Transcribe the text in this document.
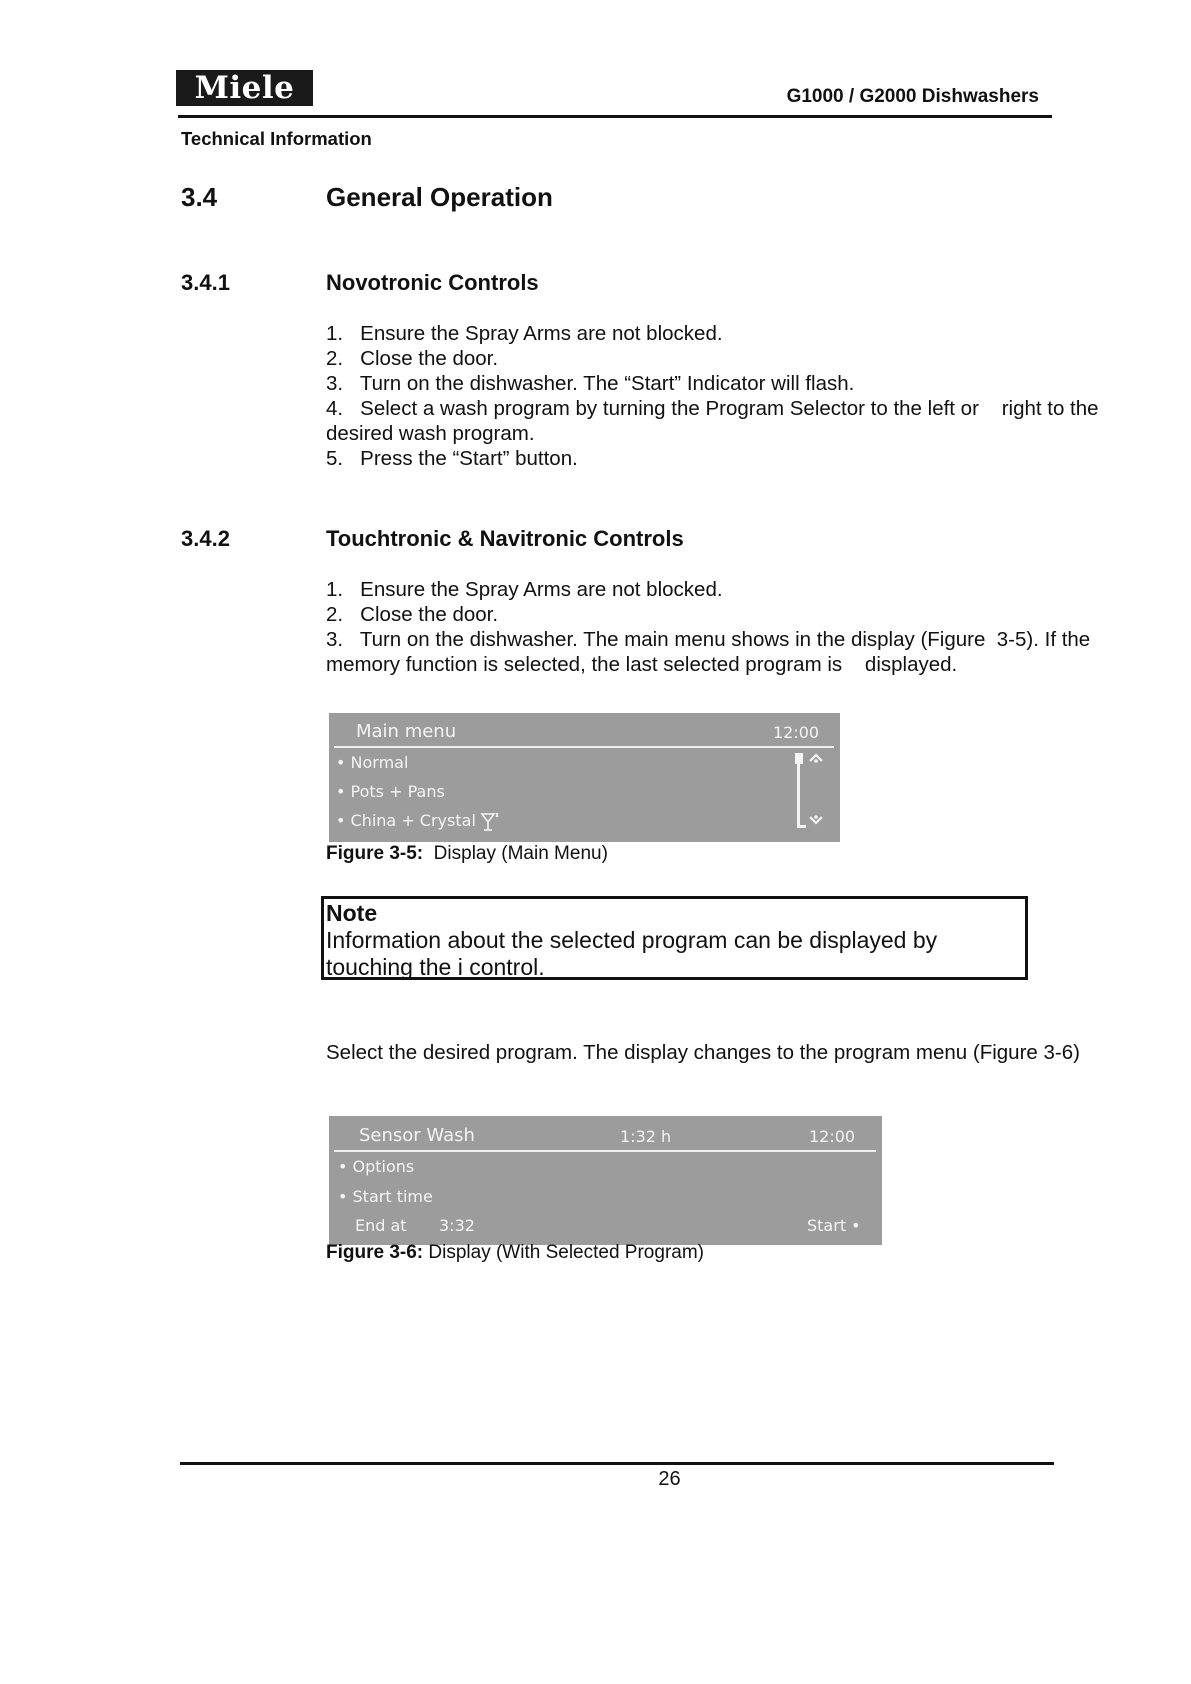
Miele	G1000 / G2000 Dishwashers
Technical Information
3.4	General Operation
3.4.1	Novotronic Controls
1.   Ensure the Spray Arms are not blocked.
2.   Close the door.
3.   Turn on the dishwasher. The “Start” Indicator will flash.
4.   Select a wash program by turning the Program Selector to the left or    right to the
desired wash program.
5.   Press the “Start” button.
3.4.2	Touchtronic & Navitronic Controls
1.   Ensure the Spray Arms are not blocked.
2.   Close the door.
3.   Turn on the dishwasher. The main menu shows in the display (Figure  3-5). If the
memory function is selected, the last selected program is    displayed.
Main menu	12:00
• Normal
• Pots + Pans
• China + Crystal
Figure 3-5:  Display (Main Menu)
Note
Information about the selected program can be displayed by
touching the i control.
Select the desired program. The display changes to the program menu (Figure 3-6)
Sensor Wash	1:32 h	12:00
• Options
• Start time
End at 3:32	Start •
Figure 3-6: Display (With Selected Program)
26
